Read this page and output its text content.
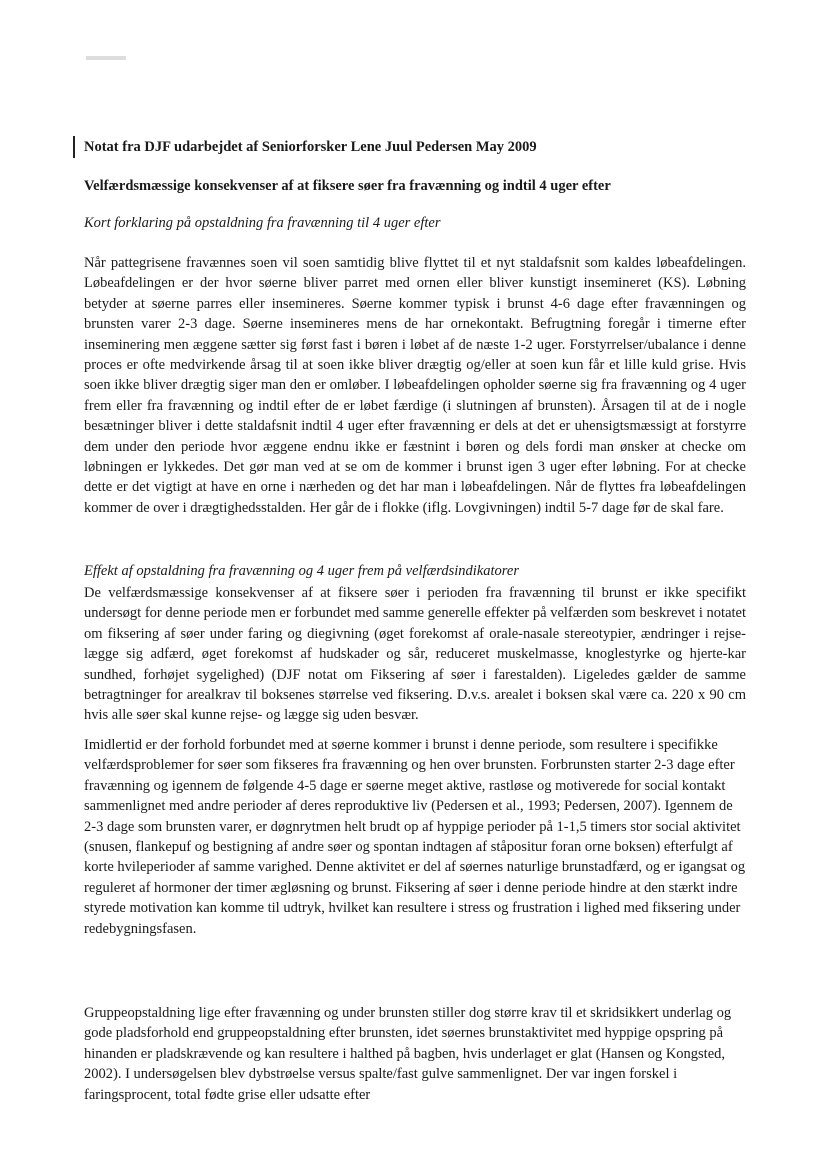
Notat fra DJF udarbejdet af Seniorforsker Lene Juul Pedersen May 2009
Velfærdsmæssige konsekvenser af at fiksere søer fra fravænning og indtil 4 uger efter
Kort forklaring på opstaldning fra fravænning til 4 uger efter

Når pattegrisene fravænnes soen vil soen samtidig blive flyttet til et nyt staldafsnit som kaldes løbeafdelingen. Løbeafdelingen er der hvor søerne bliver parret med ornen eller bliver kunstigt insemineret (KS). Løbning betyder at søerne parres eller insemineres. Søerne kommer typisk i brunst 4-6 dage efter fravænningen og brunsten varer 2-3 dage. Søerne insemineres mens de har ornekontakt. Befrugtning foregår i timerne efter inseminering men æggene sætter sig først fast i børen i løbet af de næste 1-2 uger. Forstyrrelser/ubalance i denne proces er ofte medvirkende årsag til at soen ikke bliver drægtig og/eller at soen kun får et lille kuld grise. Hvis soen ikke bliver drægtig siger man den er omløber. I løbeafdelingen opholder søerne sig fra fravænning og 4 uger frem eller fra fravænning og indtil efter de er løbet færdige (i slutningen af brunsten). Årsagen til at de i nogle besætninger bliver i dette staldafsnit indtil 4 uger efter fravænning er dels at det er uhensigtsmæssigt at forstyrre dem under den periode hvor æggene endnu ikke er fæstnint i børen og dels fordi man ønsker at checke om løbningen er lykkedes. Det gør man ved at se om de kommer i brunst igen 3 uger efter løbning. For at checke dette er det vigtigt at have en orne i nærheden og det har man i løbeafdelingen. Når de flyttes fra løbeafdelingen kommer de over i drægtighedsstalden. Her går de i flokke (iflg. Lovgivningen) indtil 5-7 dage før de skal fare.

Effekt af opstaldning fra fravænning og 4 uger frem på velfærdsindikatorer

De velfærdsmæssige konsekvenser af at fiksere søer i perioden fra fravænning til brunst er ikke specifikt undersøgt for denne periode men er forbundet med samme generelle effekter på velfærden som beskrevet i notatet om fiksering af søer under faring og diegivning (øget forekomst af orale-nasale stereotypier, ændringer i rejse-lægge sig adfærd, øget forekomst af hudskader og sår, reduceret muskelmasse, knoglestyrke og hjerte-kar sundhed, forhøjet sygelighed) (DJF notat om Fiksering af søer i farestalden). Ligeledes gælder de samme betragtninger for arealkrav til boksenes størrelse ved fiksering. D.v.s. arealet i boksen skal være ca. 220 x 90 cm hvis alle søer skal kunne rejse- og lægge sig uden besvær.

Imidlertid er der forhold forbundet med at søerne kommer i brunst i denne periode, som resultere i specifikke velfærdsproblemer for søer som fikseres fra fravænning og hen over brunsten. Forbrunsten starter 2-3 dage efter fravænning og igennem de følgende 4-5 dage er søerne meget aktive, rastløse og motiverede for social kontakt sammenlignet med andre perioder af deres reproduktive liv (Pedersen et al., 1993; Pedersen, 2007). Igennem de 2-3 dage som brunsten varer, er døgnrytmen helt brudt op af hyppige perioder på 1-1,5 timers stor social aktivitet (snusen, flankepuf og bestigning af andre søer og spontan indtagen af ståpositur foran orne boksen) efterfulgt af korte hvileperioder af samme varighed. Denne aktivitet er del af søernes naturlige brunstadfærd, og er igangsat og reguleret af hormoner der timer ægløsning og brunst. Fiksering af søer i denne periode hindre at den stærkt indre styrede motivation kan komme til udtryk, hvilket kan resultere i stress og frustration i lighed med fiksering under redebygningsfasen.

Gruppeopstaldning lige efter fravænning og under brunsten stiller dog større krav til et skridsikkert underlag og gode pladsforhold end gruppeopstaldning efter brunsten, idet søernes brunstaktivitet med hyppige opspring på hinanden er pladskrævende og kan resultere i halthed på bagben, hvis underlaget er glat (Hansen og Kongsted, 2002). I undersøgelsen blev dybstrøelse versus spalte/fast gulve sammenlignet. Der var ingen forskel i faringsprocent, total fødte grise eller udsatte efter
